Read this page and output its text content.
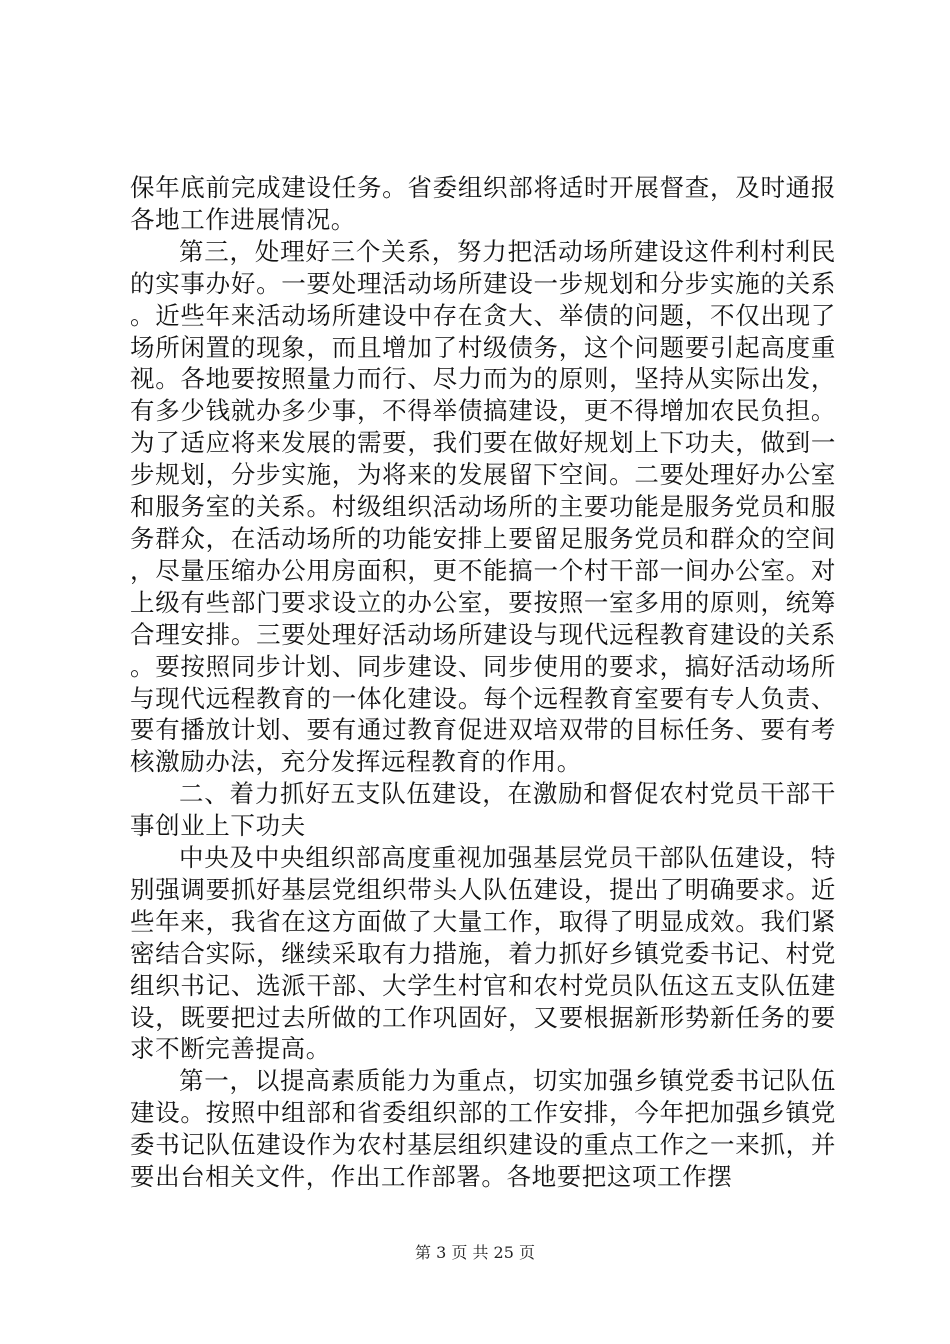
保年底前完成建设任务。省委组织部将适时开展督查，及时通报各地工作进展情况。

第三，处理好三个关系，努力把活动场所建设这件利村利民的实事办好。一要处理活动场所建设一步规划和分步实施的关系。近些年来活动场所建设中存在贪大、举债的问题，不仅出现了场所闲置的现象，而且增加了村级债务，这个问题要引起高度重视。各地要按照量力而行、尽力而为的原则，坚持从实际出发，有多少钱就办多少事，不得举债搞建设，更不得增加农民负担。为了适应将来发展的需要，我们要在做好规划上下功夫，做到一步规划，分步实施，为将来的发展留下空间。二要处理好办公室和服务室的关系。村级组织活动场所的主要功能是服务党员和服务群众，在活动场所的功能安排上要留足服务党员和群众的空间，尽量压缩办公用房面积，更不能搞一个村干部一间办公室。对上级有些部门要求设立的办公室，要按照一室多用的原则，统筹合理安排。三要处理好活动场所建设与现代远程教育建设的关系。要按照同步计划、同步建设、同步使用的要求，搞好活动场所与现代远程教育的一体化建设。每个远程教育室要有专人负责、要有播放计划、要有通过教育促进双培双带的目标任务、要有考核激励办法，充分发挥远程教育的作用。

二、着力抓好五支队伍建设，在激励和督促农村党员干部干事创业上下功夫

中央及中央组织部高度重视加强基层党员干部队伍建设，特别强调要抓好基层党组织带头人队伍建设，提出了明确要求。近些年来，我省在这方面做了大量工作，取得了明显成效。我们紧密结合实际，继续采取有力措施，着力抓好乡镇党委书记、村党组织书记、选派干部、大学生村官和农村党员队伍这五支队伍建设，既要把过去所做的工作巩固好，又要根据新形势新任务的要求不断完善提高。

第一，以提高素质能力为重点，切实加强乡镇党委书记队伍建设。按照中组部和省委组织部的工作安排，今年把加强乡镇党委书记队伍建设作为农村基层组织建设的重点工作之一来抓，并要出台相关文件，作出工作部署。各地要把这项工作摆

第 3 页 共 25 页
